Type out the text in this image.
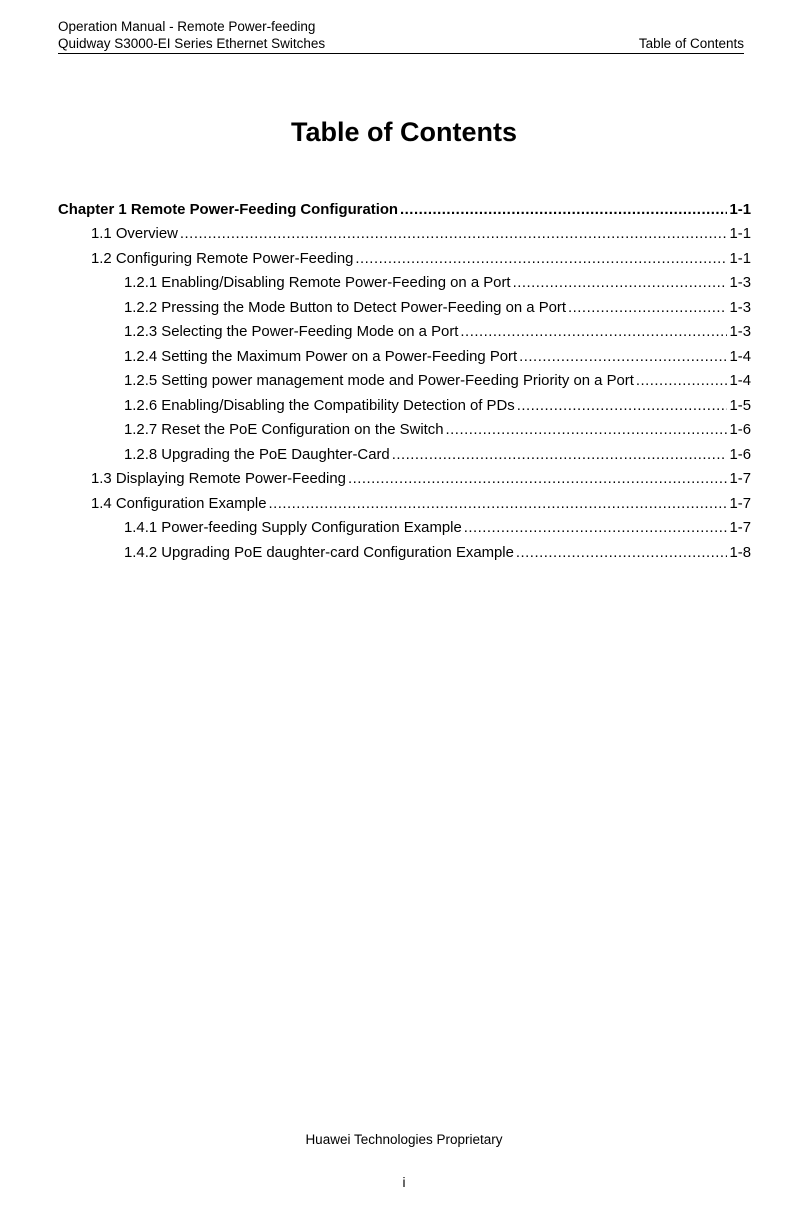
Operation Manual - Remote Power-feeding
Quidway S3000-EI Series Ethernet Switches	Table of Contents
Table of Contents
Chapter 1 Remote Power-Feeding Configuration .....	1-1
1.1 Overview .....	1-1
1.2 Configuring Remote Power-Feeding .....	1-1
1.2.1 Enabling/Disabling Remote Power-Feeding on a Port .....	1-3
1.2.2 Pressing the Mode Button to Detect Power-Feeding on a Port .....	1-3
1.2.3 Selecting the Power-Feeding Mode on a Port .....	1-3
1.2.4 Setting the Maximum Power on a Power-Feeding Port .....	1-4
1.2.5 Setting power management mode and Power-Feeding Priority on a Port .....	1-4
1.2.6 Enabling/Disabling the Compatibility Detection of PDs .....	1-5
1.2.7 Reset the PoE Configuration on the Switch .....	1-6
1.2.8 Upgrading the PoE Daughter-Card .....	1-6
1.3 Displaying Remote Power-Feeding .....	1-7
1.4 Configuration Example .....	1-7
1.4.1 Power-feeding Supply Configuration Example .....	1-7
1.4.2 Upgrading PoE daughter-card Configuration Example .....	1-8
Huawei Technologies Proprietary
i
